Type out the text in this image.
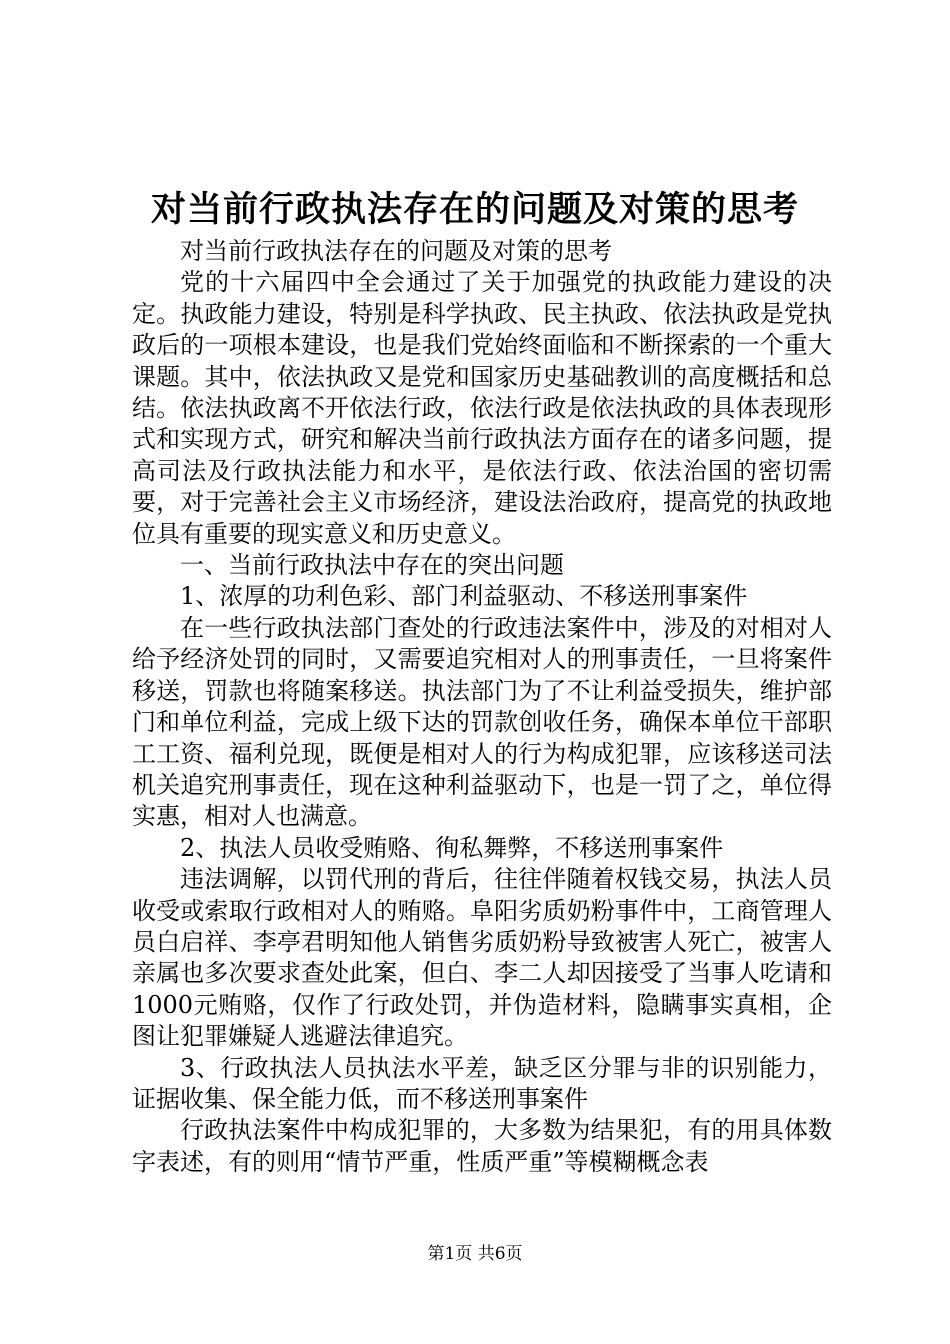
对当前行政执法存在的问题及对策的思考

对当前行政执法存在的问题及对策的思考

党的十六届四中全会通过了关于加强党的执政能力建设的决定。执政能力建设，特别是科学执政、民主执政、依法执政是党执政后的一项根本建设，也是我们党始终面临和不断探索的一个重大课题。其中，依法执政又是党和国家历史基础教训的高度概括和总结。依法执政离不开依法行政，依法行政是依法执政的具体表现形式和实现方式，研究和解决当前行政执法方面存在的诸多问题，提高司法及行政执法能力和水平，是依法行政、依法治国的密切需要，对于完善社会主义市场经济，建设法治政府，提高党的执政地位具有重要的现实意义和历史意义。

一、当前行政执法中存在的突出问题

1、浓厚的功利色彩、部门利益驱动、不移送刑事案件

在一些行政执法部门查处的行政违法案件中，涉及的对相对人给予经济处罚的同时，又需要追究相对人的刑事责任，一旦将案件移送，罚款也将随案移送。执法部门为了不让利益受损失，维护部门和单位利益，完成上级下达的罚款创收任务，确保本单位干部职工工资、福利兑现，既便是相对人的行为构成犯罪，应该移送司法机关追究刑事责任，现在这种利益驱动下，也是一罚了之，单位得实惠，相对人也满意。

2、执法人员收受贿赂、徇私舞弊，不移送刑事案件

违法调解，以罚代刑的背后，往往伴随着权钱交易，执法人员收受或索取行政相对人的贿赂。阜阳劣质奶粉事件中，工商管理人员白启祥、李亭君明知他人销售劣质奶粉导致被害人死亡，被害人亲属也多次要求查处此案，但白、李二人却因接受了当事人吃请和1000元贿赂，仅作了行政处罚，并伪造材料，隐瞒事实真相，企图让犯罪嫌疑人逃避法律追究。

3、行政执法人员执法水平差，缺乏区分罪与非的识别能力，证据收集、保全能力低，而不移送刑事案件

行政执法案件中构成犯罪的，大多数为结果犯，有的用具体数字表述，有的则用“情节严重，性质严重”等模糊概念表

第1页 共6页
